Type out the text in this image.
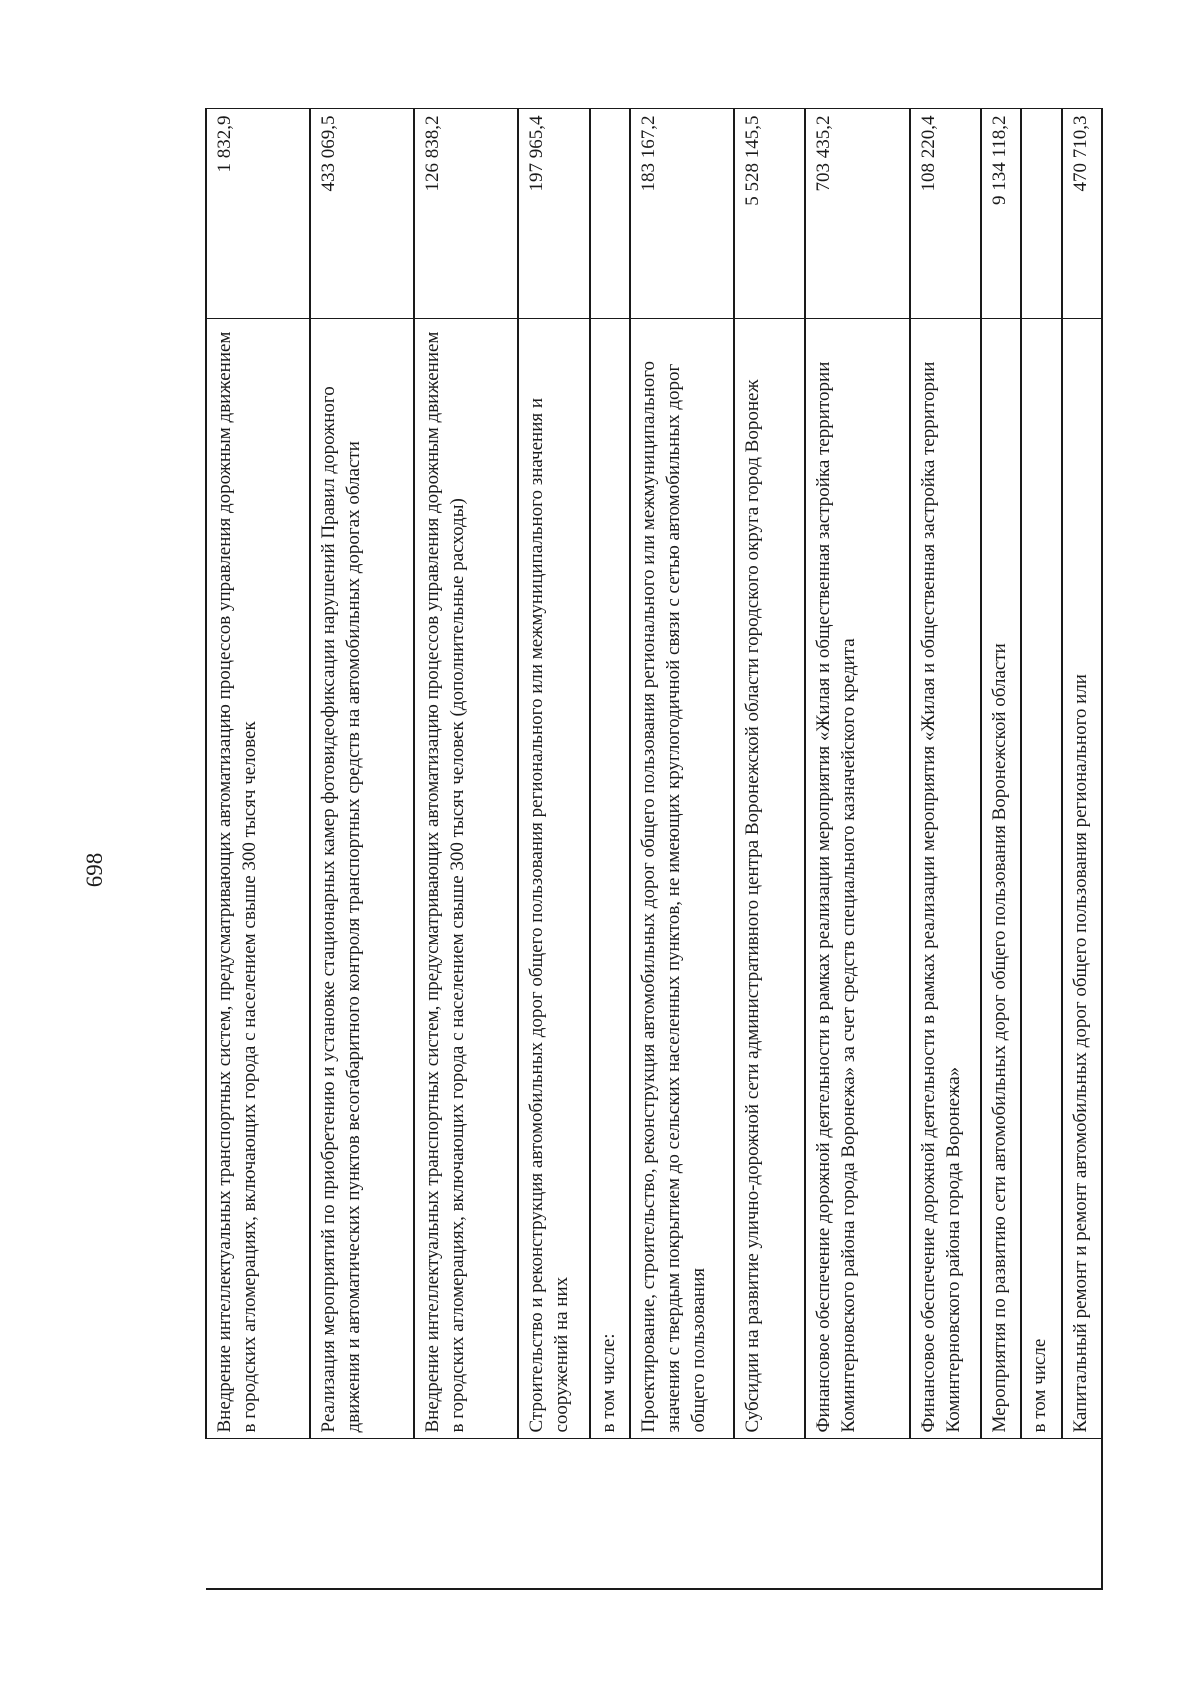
698
		Внедрение интеллектуальных транспортных систем, предусматривающих автоматизацию процессов управления дорожным движением в городских агломерациях, включающих города с населением свыше 300 тысяч человек	1 832,9
	Реализация мероприятий по приобретению и установке стационарных камер фотовидеофиксации нарушений Правил дорожного движения и автоматических пунктов весогабаритного контроля транспортных средств на автомобильных дорогах области	433 069,5
	Внедрение интеллектуальных транспортных систем, предусматривающих автоматизацию процессов управления дорожным движением в городских агломерациях, включающих города с населением свыше 300 тысяч человек (дополнительные расходы)	126 838,2
	Строительство и реконструкция автомобильных дорог общего пользования регионального или межмуниципального значения и сооружений на них	197 965,4
	в том числе:	
	Проектирование, строительство, реконструкция автомобильных дорог общего пользования регионального или межмуниципального значения с твердым покрытием до сельских населенных пунктов, не имеющих круглогодичной связи с сетью автомобильных дорог общего пользования	183 167,2
	Субсидии на развитие улично-дорожной сети административного центра Воронежской области городского округа город Воронеж	5 528 145,5
	Финансовое обеспечение дорожной деятельности в рамках реализации мероприятия «Жилая и общественная застройка территории Коминтерновского района города Воронежа» за счет средств специального казначейского кредита	703 435,2
	Финансовое обеспечение дорожной деятельности в рамках реализации мероприятия «Жилая и общественная застройка территории Коминтерновского района города Воронежа»	108 220,4
	Мероприятия по развитию сети автомобильных дорог общего пользования Воронежской области	9 134 118,2
	в том числе	
	Капитальный ремонт и ремонт автомобильных дорог общего пользования регионального или	470 710,3
